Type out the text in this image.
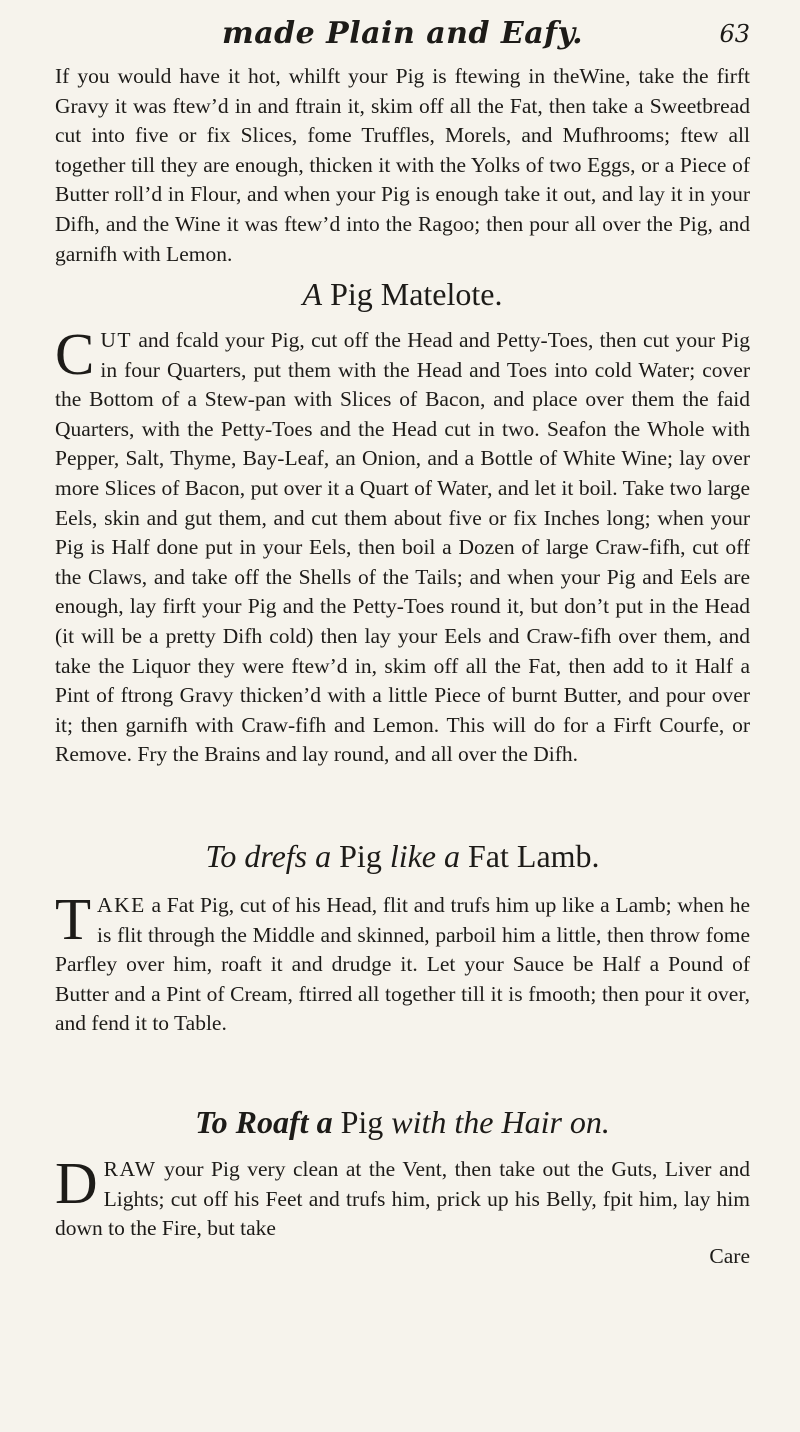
made Plain and Eafy.	63
If you would have it hot, whilft your Pig is ftewing in theWine, take the firft Gravy it was ftew’d in and ftrain it, skim off all the Fat, then take a Sweetbread cut into five or fix Slices, fome Truffles, Morels, and Mufhrooms; ftew all together till they are enough, thicken it with the Yolks of two Eggs, or a Piece of Butter roll’d in Flour, and when your Pig is enough take it out, and lay it in your Difh, and the Wine it was ftew’d into the Ragoo; then pour all over the Pig, and garnifh with Lemon.
A Pig Matelote.
CUT and fcald your Pig, cut off the Head and Petty-Toes, then cut your Pig in four Quarters, put them with the Head and Toes into cold Water; cover the Bottom of a Stew-pan with Slices of Bacon, and place over them the faid Quarters, with the Petty-Toes and the Head cut in two. Seafon the Whole with Pepper, Salt, Thyme, Bay-Leaf, an Onion, and a Bottle of White Wine; lay over more Slices of Bacon, put over it a Quart of Water, and let it boil. Take two large Eels, skin and gut them, and cut them about five or fix Inches long; when your Pig is Half done put in your Eels, then boil a Dozen of large Craw-fifh, cut off the Claws, and take off the Shells of the Tails; and when your Pig and Eels are enough, lay firft your Pig and the Petty-Toes round it, but don’t put in the Head (it will be a pretty Difh cold) then lay your Eels and Craw-fifh over them, and take the Liquor they were ftew’d in, skim off all the Fat, then add to it Half a Pint of ftrong Gravy thicken’d with a little Piece of burnt Butter, and pour over it; then garnifh with Craw-fifh and Lemon. This will do for a Firft Courfe, or Remove. Fry the Brains and lay round, and all over the Difh.
To drefs a Pig like a Fat Lamb.
TAKE a Fat Pig, cut of his Head, flit and trufs him up like a Lamb; when he is flit through the Middle and skinned, parboil him a little, then throw fome Parfley over him, roaft it and drudge it. Let your Sauce be Half a Pound of Butter and a Pint of Cream, ftirred all together till it is fmooth; then pour it over, and fend it to Table.
To Roaft a Pig with the Hair on.
DRAW your Pig very clean at the Vent, then take out the Guts, Liver and Lights; cut off his Feet and trufs him, prick up his Belly, fpit him, lay him down to the Fire, but take
Care
